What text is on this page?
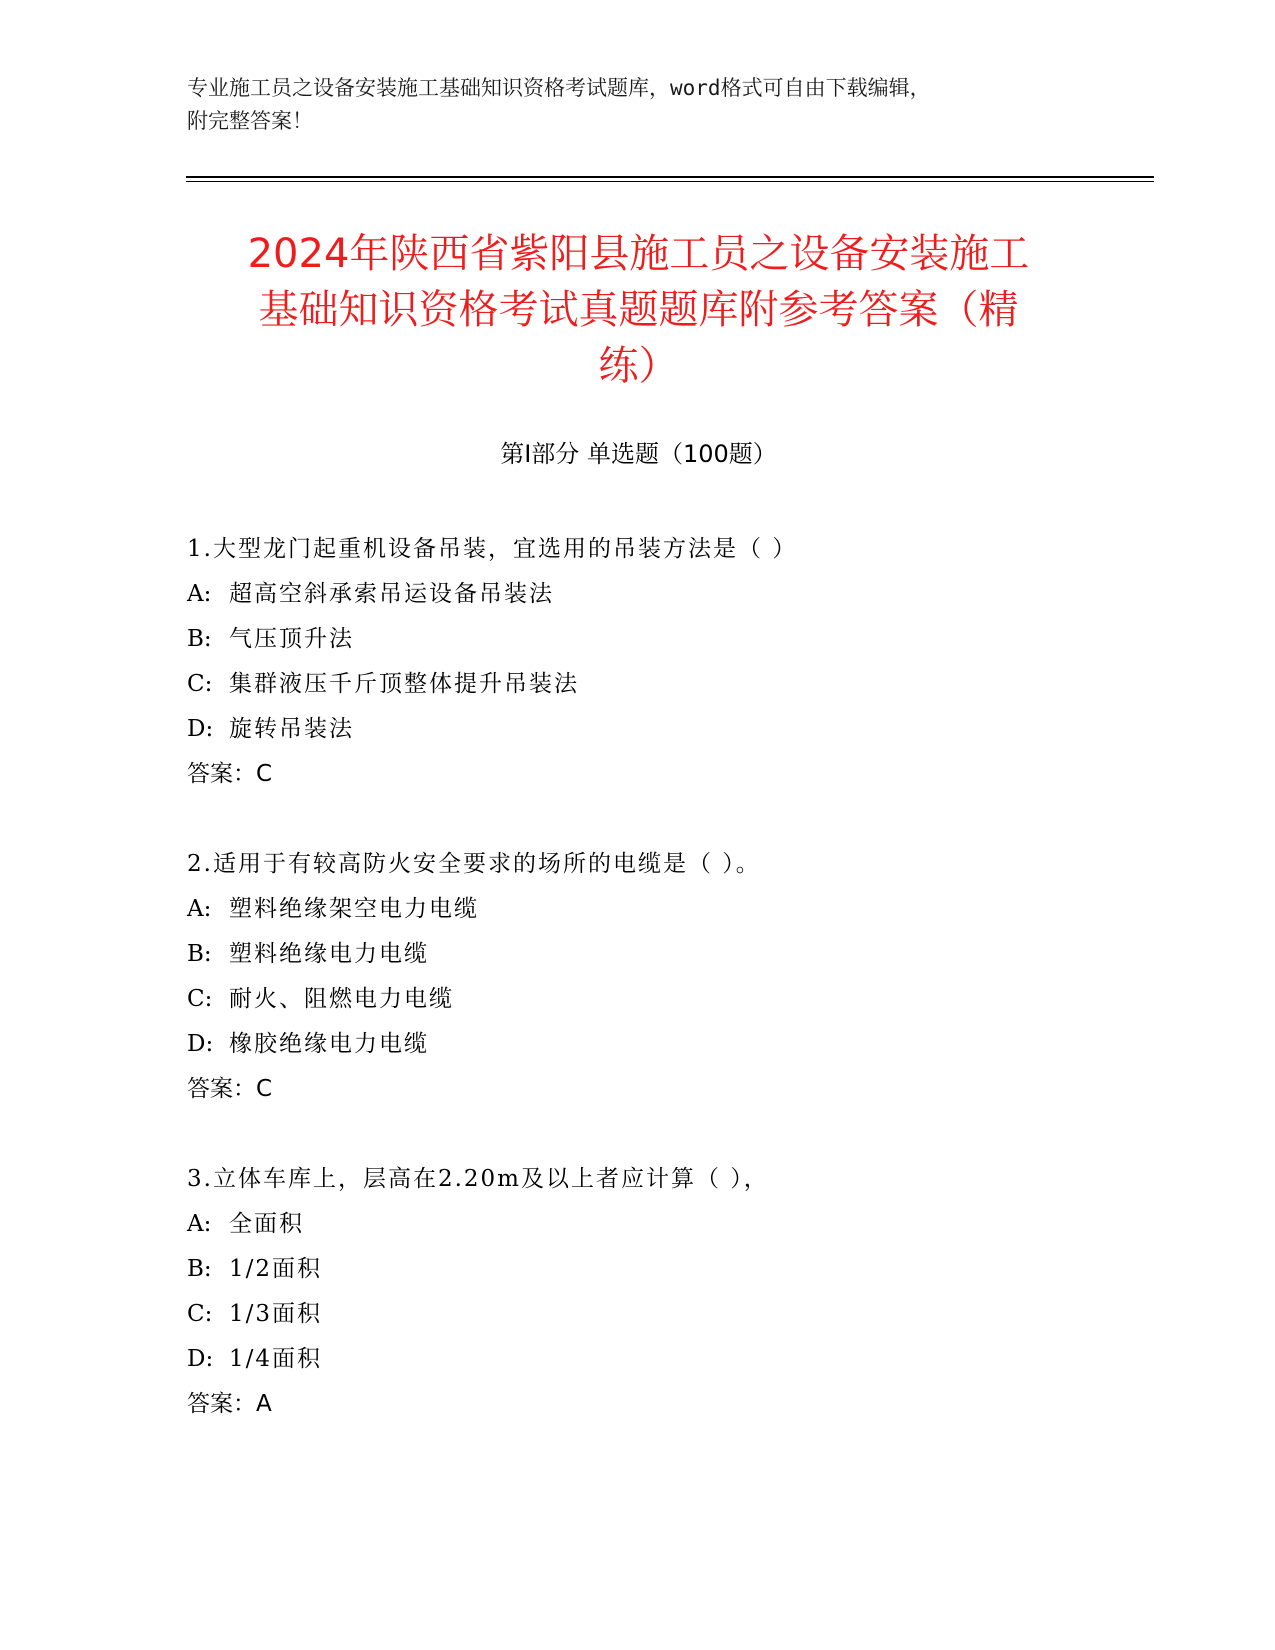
专业施工员之设备安装施工基础知识资格考试题库，word格式可自由下载编辑，
附完整答案！
2024年陕西省紫阳县施工员之设备安装施工
基础知识资格考试真题题库附参考答案（精
练）
第Ⅰ部分 单选题（100题）
1.大型龙门起重机设备吊装，宜选用的吊装方法是（ ）
A: 超高空斜承索吊运设备吊装法
B: 气压顶升法
C: 集群液压千斤顶整体提升吊装法
D: 旋转吊装法
答案：C
2.适用于有较高防火安全要求的场所的电缆是（ ）。
A: 塑料绝缘架空电力电缆
B: 塑料绝缘电力电缆
C: 耐火、阻燃电力电缆
D: 橡胶绝缘电力电缆
答案：C
3.立体车库上，层高在2.20m及以上者应计算（ ），
A: 全面积
B: 1/2面积
C: 1/3面积
D: 1/4面积
答案：A
